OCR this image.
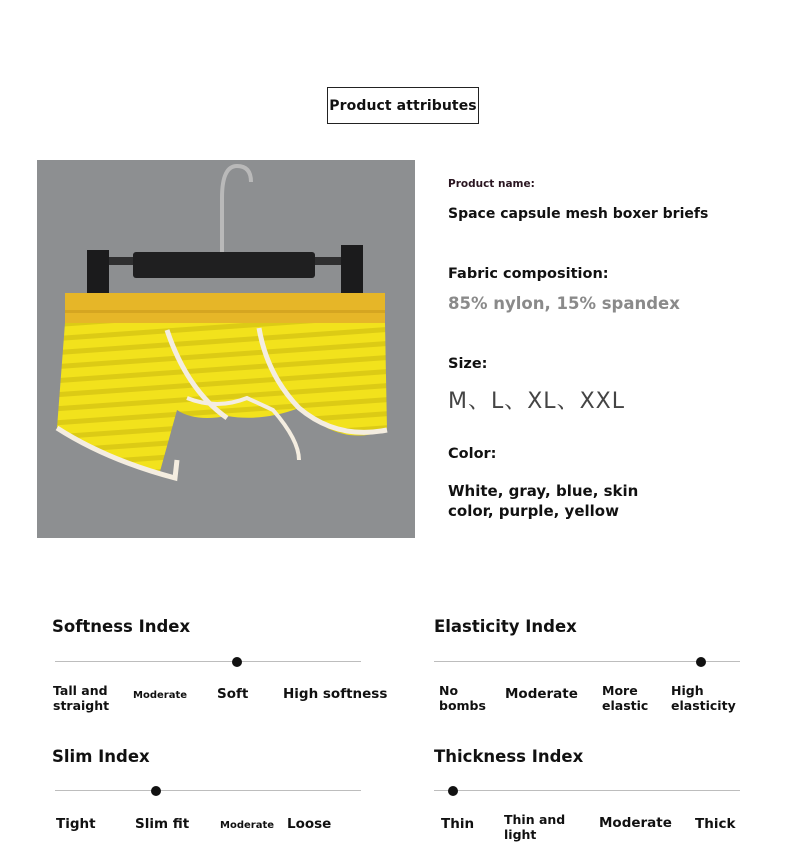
Product attributes
Product name:
Space capsule mesh boxer briefs
Fabric composition:
85% nylon, 15% spandex
Size:
M、L、XL、XXL
Color:
White, gray, blue, skin color, purple, yellow
Softness Index
Tall and straight
Moderate Soft	High softness
Elasticity Index
No bombs
Moderate More elastic
High elasticity
Slim Index
Tight	Slim fit	Moderate Loose
Thickness Index
Thin Thin and light
Moderate Thick
